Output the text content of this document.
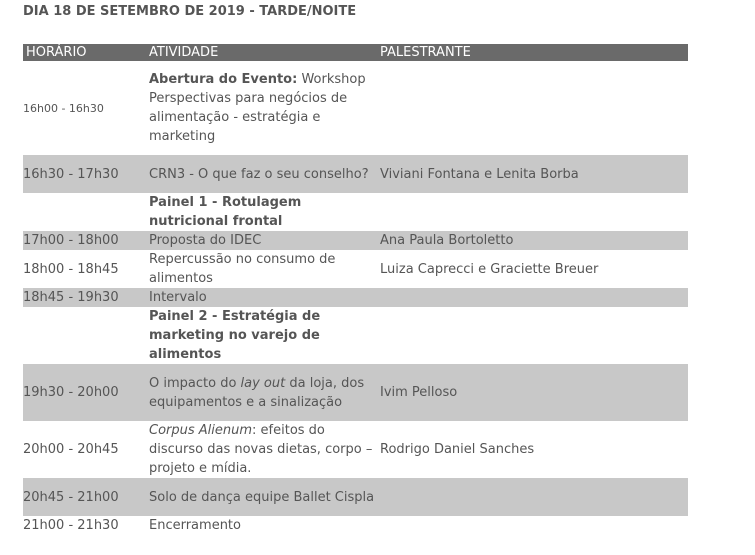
DIA 18 DE SETEMBRO DE 2019 - TARDE/NOITE
HORÁRIO	ATIVIDADE	PALESTRANTE
16h00 - 16h30	Abertura do Evento: Workshop Perspectivas para negócios de alimentação - estratégia e marketing	
16h30 - 17h30	CRN3 - O que faz o seu conselho?	Viviani Fontana e Lenita Borba
	Painel 1 - Rotulagem nutricional frontal	
17h00 - 18h00	Proposta do IDEC	Ana Paula Bortoletto
18h00 - 18h45	Repercussão no consumo de alimentos	Luiza Caprecci e Graciette Breuer
18h45 - 19h30	Intervalo	
	Painel 2 - Estratégia de marketing no varejo de alimentos	
19h30 - 20h00	O impacto do lay out da loja, dos equipamentos e a sinalização	Ivim Pelloso
20h00 - 20h45	Corpus Alienum: efeitos do discurso das novas dietas, corpo – projeto e mídia.	Rodrigo Daniel Sanches
20h45 - 21h00	Solo de dança equipe Ballet Cispla	
21h00 - 21h30	Encerramento	
